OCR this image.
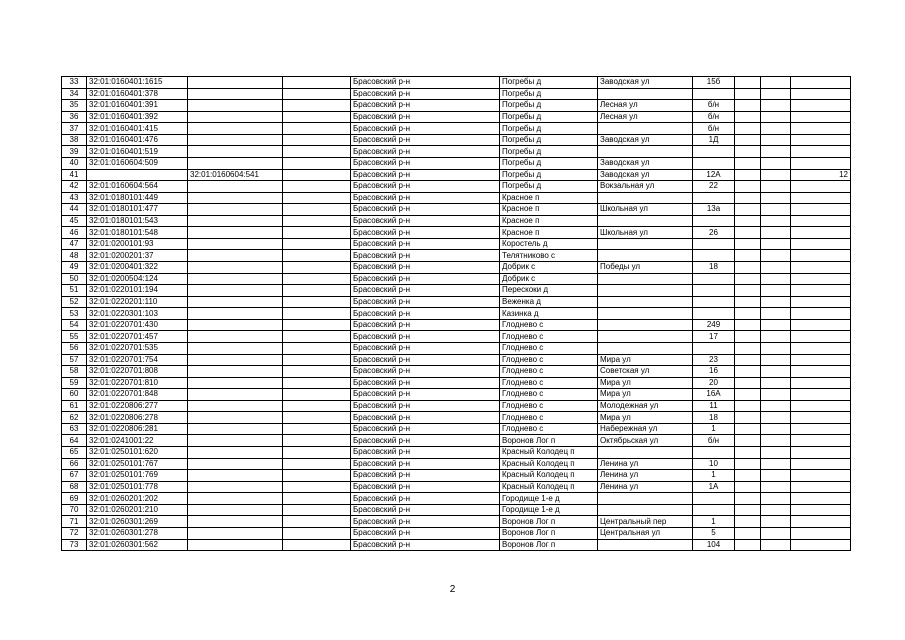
33	32:01:0160401:1615			Брасовский р-н	Погребы д	Заводская ул	15б			
34	32:01:0160401:378			Брасовский р-н	Погребы д					
35	32:01:0160401:391			Брасовский р-н	Погребы д	Лесная ул	б/н			
36	32:01:0160401:392			Брасовский р-н	Погребы д	Лесная ул	б/н			
37	32:01:0160401:415			Брасовский р-н	Погребы д		б/н			
38	32:01:0160401:476			Брасовский р-н	Погребы д	Заводская ул	1Д			
39	32:01:0160401:519			Брасовский р-н	Погребы д					
40	32:01:0160604:509			Брасовский р-н	Погребы д	Заводская ул				
41		32:01:0160604:541		Брасовский р-н	Погребы д	Заводская ул	12А			12
42	32:01:0160604:564			Брасовский р-н	Погребы д	Вокзальная ул	22			
43	32:01:0180101:449			Брасовский р-н	Красное п					
44	32:01:0180101:477			Брасовский р-н	Красное п	Школьная ул	13а			
45	32:01:0180101:543			Брасовский р-н	Красное п					
46	32:01:0180101:548			Брасовский р-н	Красное п	Школьная ул	26			
47	32:01:0200101:93			Брасовский р-н	Коростель д					
48	32:01:0200201:37			Брасовский р-н	Телятниково с					
49	32:01:0200401:322			Брасовский р-н	Добрик с	Победы ул	18			
50	32:01:0200504:124			Брасовский р-н	Добрик с					
51	32:01:0220101:194			Брасовский р-н	Перескоки д					
52	32:01:0220201:110			Брасовский р-н	Веженка д					
53	32:01:0220301:103			Брасовский р-н	Казинка д					
54	32:01:0220701:430			Брасовский р-н	Глоднево с		249			
55	32:01:0220701:457			Брасовский р-н	Глоднево с		17			
56	32:01:0220701:535			Брасовский р-н	Глоднево с					
57	32:01:0220701:754			Брасовский р-н	Глоднево с	Мира ул	23			
58	32:01:0220701:808			Брасовский р-н	Глоднево с	Советская ул	16			
59	32:01:0220701:810			Брасовский р-н	Глоднево с	Мира ул	20			
60	32:01:0220701:848			Брасовский р-н	Глоднево с	Мира ул	16А			
61	32:01:0220806:277			Брасовский р-н	Глоднево с	Молодежная ул	11			
62	32:01:0220806:278			Брасовский р-н	Глоднево с	Мира ул	18			
63	32:01:0220806:281			Брасовский р-н	Глоднево с	Набережная ул	1			
64	32:01:0241001:22			Брасовский р-н	Воронов Лог п	Октябрьская ул	б/н			
65	32:01:0250101:620			Брасовский р-н	Красный Колодец п					
66	32:01:0250101:767			Брасовский р-н	Красный Колодец п	Ленина ул	10			
67	32:01:0250101:769			Брасовский р-н	Красный Колодец п	Ленина ул	1			
68	32:01:0250101:778			Брасовский р-н	Красный Колодец п	Ленина ул	1А			
69	32:01:0260201:202			Брасовский р-н	Городище 1-е д					
70	32:01:0260201:210			Брасовский р-н	Городище 1-е д					
71	32:01:0260301:269			Брасовский р-н	Воронов Лог п	Центральный пер	1			
72	32:01:0260301:278			Брасовский р-н	Воронов Лог п	Центральная ул	5			
73	32:01:0260301:562			Брасовский р-н	Воронов Лог п		104			
2
